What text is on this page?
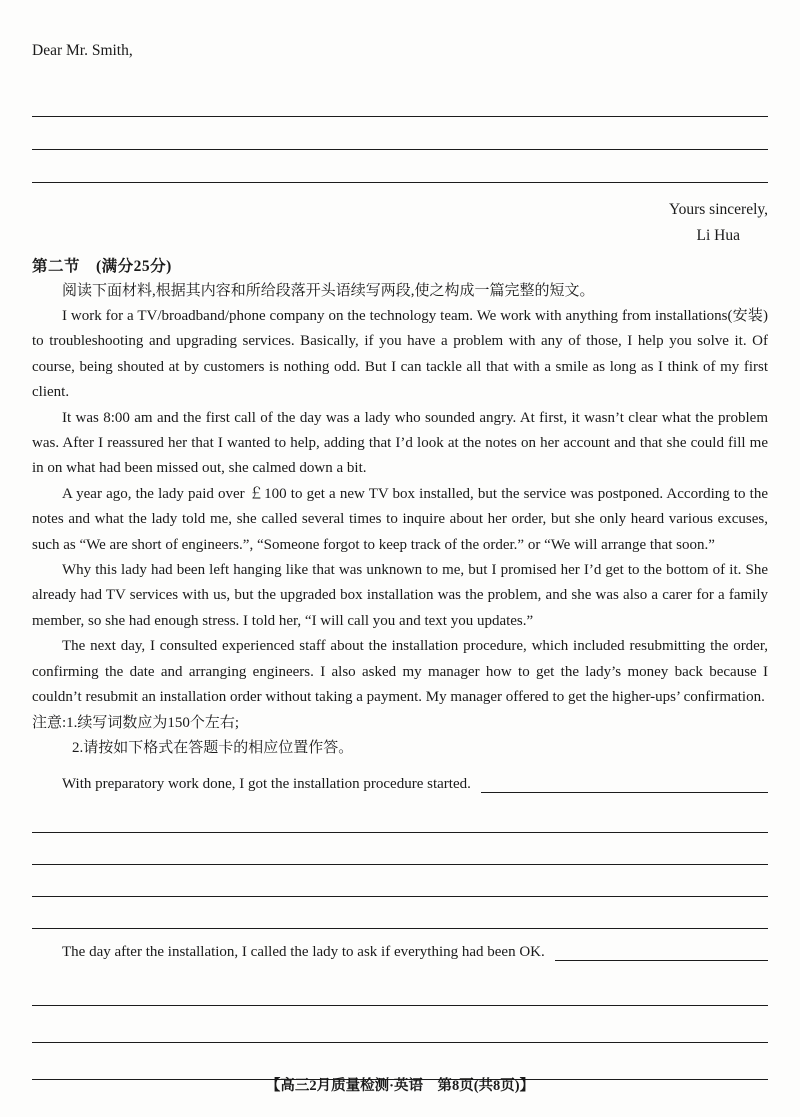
Dear Mr. Smith,
Yours sincerely,
Li Hua
第二节　(满分25分)
阅读下面材料,根据其内容和所给段落开头语续写两段,使之构成一篇完整的短文。

I work for a TV/broadband/phone company on the technology team. We work with anything from installations(安装) to troubleshooting and upgrading services. Basically, if you have a problem with any of those, I help you solve it. Of course, being shouted at by customers is nothing odd. But I can tackle all that with a smile as long as I think of my first client.

It was 8:00 am and the first call of the day was a lady who sounded angry. At first, it wasn’t clear what the problem was. After I reassured her that I wanted to help, adding that I’d look at the notes on her account and that she could fill me in on what had been missed out, she calmed down a bit.

A year ago, the lady paid over ￡100 to get a new TV box installed, but the service was postponed. According to the notes and what the lady told me, she called several times to inquire about her order, but she only heard various excuses, such as “We are short of engineers.”, “Someone forgot to keep track of the order.” or “We will arrange that soon.”

Why this lady had been left hanging like that was unknown to me, but I promised her I’d get to the bottom of it. She already had TV services with us, but the upgraded box installation was the problem, and she was also a carer for a family member, so she had enough stress. I told her, “I will call you and text you updates.”

The next day, I consulted experienced staff about the installation procedure, which included resubmitting the order, confirming the date and arranging engineers. I also asked my manager how to get the lady’s money back because I couldn’t resubmit an installation order without taking a payment. My manager offered to get the higher-ups’ confirmation.

注意:1.续写词数应为150个左右;
2.请按如下格式在答题卡的相应位置作答。
With preparatory work done, I got the installation procedure started.
The day after the installation, I called the lady to ask if everything had been OK.
【高三2月质量检测·英语　第8页(共8页)】
